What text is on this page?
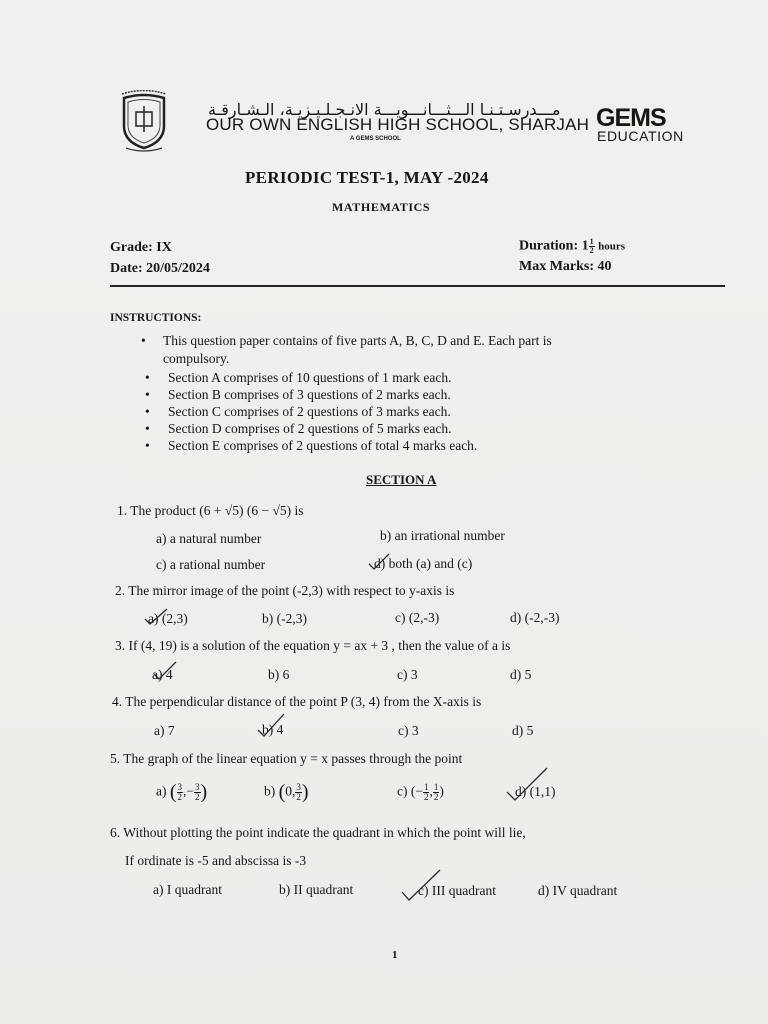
مـــدرسـتـنـا الـــثـــانـــويـــة الانـجـلـيـزيـة، الـشـارقـة
OUR OWN ENGLISH HIGH SCHOOL, SHARJAH
A GEMS SCHOOL
GEMS
EDUCATION
PERIODIC TEST-1, MAY -2024
MATHEMATICS
Grade: IX
Date: 20/05/2024
Duration: $1 \frac{1}{2}$ hours
Max Marks: 40
INSTRUCTIONS:
• This question paper contains of five parts A, B, C, D and E. Each part is
compulsory.
• Section A comprises of 10 questions of 1 mark each.
• Section B comprises of 3 questions of 2 marks each.
• Section C comprises of 2 questions of 3 marks each.
• Section D comprises of 2 questions of 5 marks each.
• Section E comprises of 2 questions of total 4 marks each.
SECTION A
1. The product (6 + √5) (6 − √5) is
a) a natural number	b) an irrational number
c) a rational number	d) both (a) and (c)
2. The mirror image of the point (-2,3) with respect to y-axis is
a) (2,3)	b) (-2,3)	c) (2,-3)	d) (-2,-3)
3. If (4, 19) is a solution of the equation y = ax + 3 , then the value of a is
a) 4	b) 6	c) 3	d) 5
4. The perpendicular distance of the point P (3, 4) from the X-axis is
a) 7	b) 4	c) 3	d) 5
5. The graph of the linear equation y = x passes through the point
a) ( $\frac{3}{2}$ ,− $\frac{3}{2}$ )	b) (0, $\frac{3}{2}$ )	c) (− $\frac{1}{2}$ , $\frac{1}{2}$ )	d) (1,1)
6. Without plotting the point indicate the quadrant in which the point will lie,
If ordinate is -5 and abscissa is -3
a) I quadrant	b) II quadrant	c) III quadrant	d) IV quadrant
1
